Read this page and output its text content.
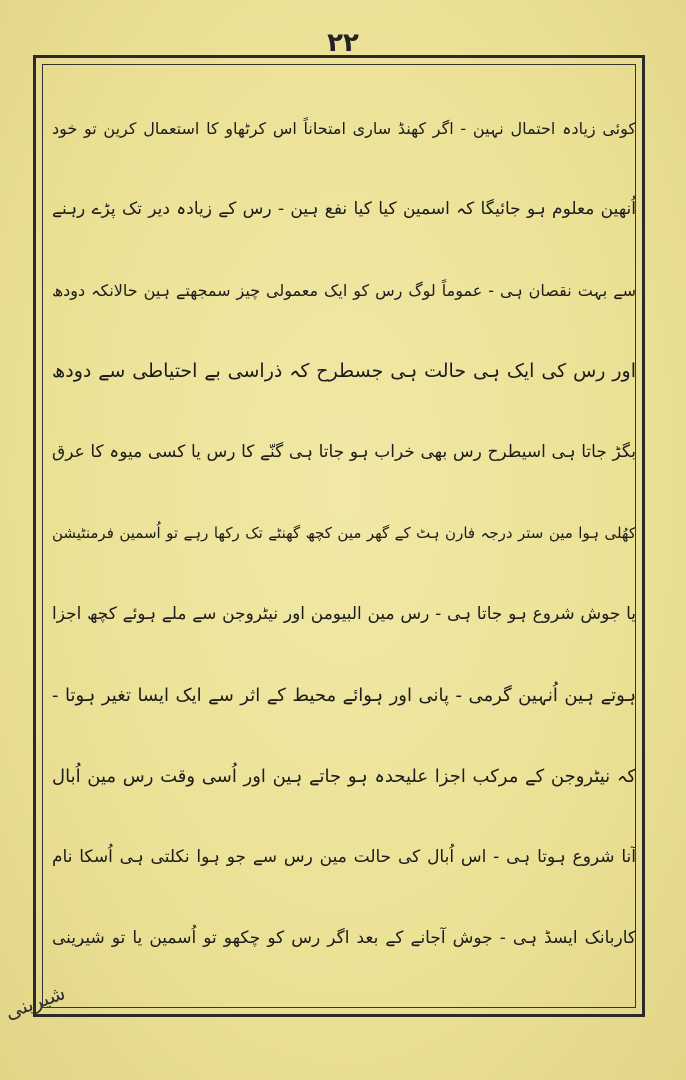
۲۲
کوئی زیادہ احتمال نہین - اگر کھنڈ ساری امتحاناً اس کرٹھاو کا استعمال کرین تو خود
اُنھین معلوم ہو جائیگا کہ اسمین کیا کیا نفع ہین - رس کے زیادہ دیر تک پڑے رہنے
سے بہت نقصان ہی - عموماً لوگ رس کو ایک معمولی چیز سمجھتے ہین حالانکہ دودھ
اور رس کی ایک ہی حالت ہی جسطرح کہ ذراسی بے احتیاطی سے دودھ
بگڑ جاتا ہی اسیطرح رس بھی خراب ہو جاتا ہی گنّے کا رس یا کسی میوہ کا عرق
کھُلی ہوا مین ستر درجہ فارن ہٹ کے گھر مین کچھ گھنٹے تک رکھا رہے تو اُسمین فرمنٹیشن
یا جوش شروع ہو جاتا ہی - رس مین البیومن اور نیٹروجن سے ملے ہوئے کچھ اجزا
ہوتے ہین اُنہین گرمی - پانی اور ہوائے محیط کے اثر سے ایک ایسا تغیر ہوتا -
کہ نیٹروجن کے مرکب اجزا علیحدہ ہو جاتے ہین اور اُسی وقت رس مین اُبال
آنا شروع ہوتا ہی - اس اُبال کی حالت مین رس سے جو ہوا نکلتی ہی اُسکا نام
کاربانک ایسڈ ہی - جوش آجانے کے بعد اگر رس کو چکھو تو اُسمین یا تو شیرینی
شیرینی
